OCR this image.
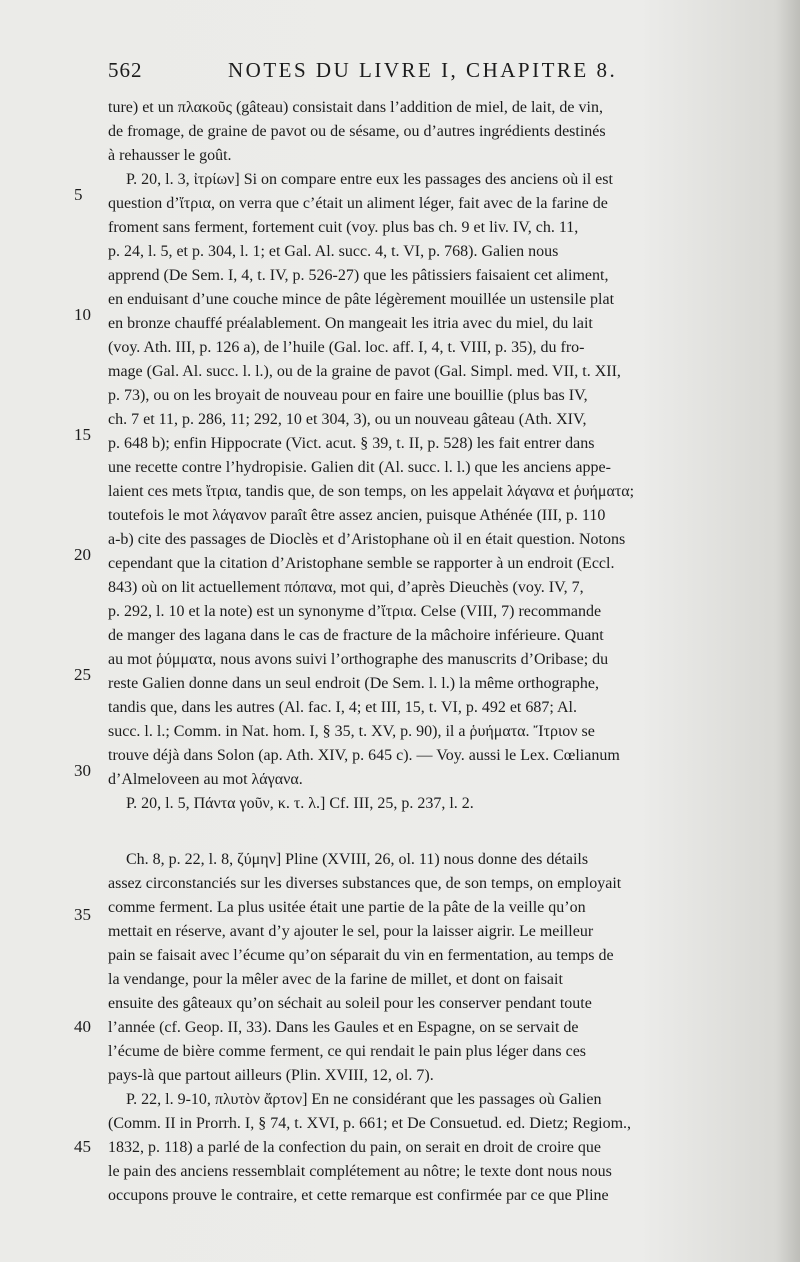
562	NOTES DU LIVRE I, CHAPITRE 8.
ture) et un πλακοῦς (gâteau) consistait dans l’addition de miel, de lait, de vin,
de fromage, de graine de pavot ou de sésame, ou d’autres ingrédients destinés
à rehausser le goût.
P. 20, l. 3, ἰτρίων] Si on compare entre eux les passages des anciens où il est
question d’ἴτρια, on verra que c’était un aliment léger, fait avec de la farine de
froment sans ferment, fortement cuit (voy. plus bas ch. 9 et liv. IV, ch. 11,
p. 24, l. 5, et p. 304, l. 1; et Gal. Al. succ. 4, t. VI, p. 768). Galien nous
apprend (De Sem. I, 4, t. IV, p. 526-27) que les pâtissiers faisaient cet aliment,
en enduisant d’une couche mince de pâte légèrement mouillée un ustensile plat
en bronze chauffé préalablement. On mangeait les itria avec du miel, du lait
(voy. Ath. III, p. 126 a), de l’huile (Gal. loc. aff. I, 4, t. VIII, p. 35), du fro-
mage (Gal. Al. succ. l. l.), ou de la graine de pavot (Gal. Simpl. med. VII, t. XII,
p. 73), ou on les broyait de nouveau pour en faire une bouillie (plus bas IV,
ch. 7 et 11, p. 286, 11; 292, 10 et 304, 3), ou un nouveau gâteau (Ath. XIV,
p. 648 b); enfin Hippocrate (Vict. acut. § 39, t. II, p. 528) les fait entrer dans
une recette contre l’hydropisie. Galien dit (Al. succ. l. l.) que les anciens appe-
laient ces mets ἴτρια, tandis que, de son temps, on les appelait λάγανα et ῥυήματα;
toutefois le mot λάγανον paraît être assez ancien, puisque Athénée (III, p. 110
a-b) cite des passages de Dioclès et d’Aristophane où il en était question. Notons
cependant que la citation d’Aristophane semble se rapporter à un endroit (Eccl.
843) où on lit actuellement πόπανα, mot qui, d’après Dieuchès (voy. IV, 7,
p. 292, l. 10 et la note) est un synonyme d’ἴτρια. Celse (VIII, 7) recommande
de manger des lagana dans le cas de fracture de la mâchoire inférieure. Quant
au mot ῥύμματα, nous avons suivi l’orthographe des manuscrits d’Oribase; du
reste Galien donne dans un seul endroit (De Sem. l. l.) la même orthographe,
tandis que, dans les autres (Al. fac. I, 4; et III, 15, t. VI, p. 492 et 687; Al.
succ. l. l.; Comm. in Nat. hom. I, § 35, t. XV, p. 90), il a ῥυήματα. Ἴτριον se
trouve déjà dans Solon (ap. Ath. XIV, p. 645 c). — Voy. aussi le Lex. Cœlianum
d’Almeloveen au mot λάγανα.
P. 20, l. 5, Πάντα γοῦν, κ. τ. λ.] Cf. III, 25, p. 237, l. 2.
Ch. 8, p. 22, l. 8, ζύμην] Pline (XVIII, 26, ol. 11) nous donne des détails
assez circonstanciés sur les diverses substances que, de son temps, on employait
comme ferment. La plus usitée était une partie de la pâte de la veille qu’on
mettait en réserve, avant d’y ajouter le sel, pour la laisser aigrir. Le meilleur
pain se faisait avec l’écume qu’on séparait du vin en fermentation, au temps de
la vendange, pour la mêler avec de la farine de millet, et dont on faisait
ensuite des gâteaux qu’on séchait au soleil pour les conserver pendant toute
l’année (cf. Geop. II, 33). Dans les Gaules et en Espagne, on se servait de
l’écume de bière comme ferment, ce qui rendait le pain plus léger dans ces
pays-là que partout ailleurs (Plin. XVIII, 12, ol. 7).
P. 22, l. 9-10, πλυτὸν ἄρτον] En ne considérant que les passages où Galien
(Comm. II in Prorrh. I, § 74, t. XVI, p. 661; et De Consuetud. ed. Dietz; Regiom.,
1832, p. 118) a parlé de la confection du pain, on serait en droit de croire que
le pain des anciens ressemblait complétement au nôtre; le texte dont nous nous
occupons prouve le contraire, et cette remarque est confirmée par ce que Pline
5
10
15
20
25
30
35
40
45
